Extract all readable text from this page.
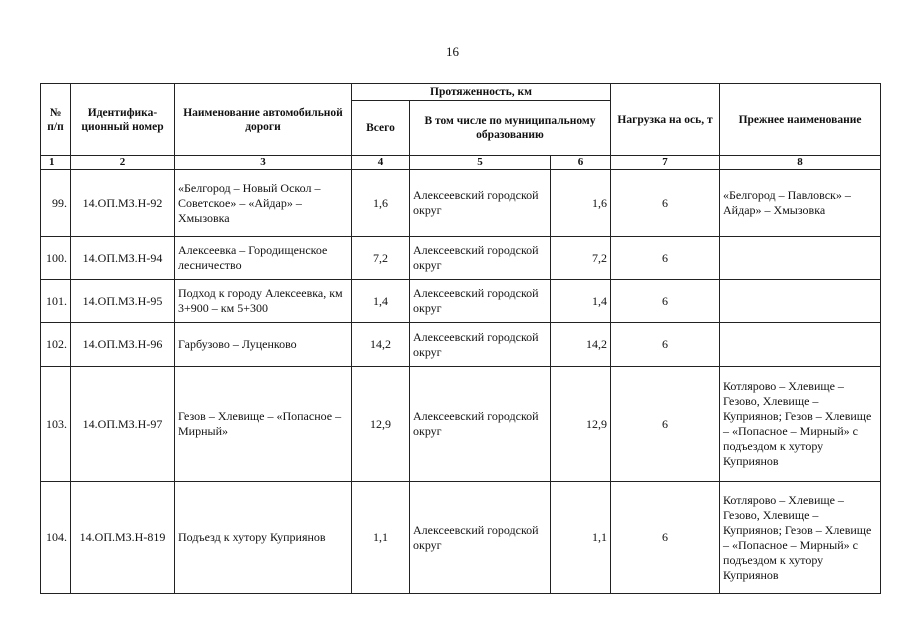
16
№ п/п	Идентифика-ционный номер	Наименование автомобильной дороги	Протяженность, км			Нагрузка на ось, т	Прежнее наименование
			Всего	В том числе по муниципальному образованию			
1	2	3	4	5	6	7	8
99.	14.ОП.МЗ.Н-92	«Белгород – Новый Оскол – Советское» – «Айдар» – Хмызовка	1,6	Алексеевский городской округ	1,6	6	«Белгород – Павловск» – Айдар» – Хмызовка
100.	14.ОП.МЗ.Н-94	Алексеевка – Городищенское лесничество	7,2	Алексеевский городской округ	7,2	6	
101.	14.ОП.МЗ.Н-95	Подход к городу Алексеевка, км 3+900 – км 5+300	1,4	Алексеевский городской округ	1,4	6	
102.	14.ОП.МЗ.Н-96	Гарбузово – Луценково	14,2	Алексеевский городской округ	14,2	6	
103.	14.ОП.МЗ.Н-97	Гезов – Хлевище – «Попасное – Мирный»	12,9	Алексеевский городской округ	12,9	6	Котлярово – Хлевище – Гезово, Хлевище – Куприянов; Гезов – Хлевище – «Попасное – Мирный» с подъездом к хутору Куприянов
104.	14.ОП.МЗ.Н-819	Подъезд к хутору Куприянов	1,1	Алексеевский городской округ	1,1	6	Котлярово – Хлевище – Гезово, Хлевище – Куприянов; Гезов – Хлевище – «Попасное – Мирный» с подъездом к хутору Куприянов
